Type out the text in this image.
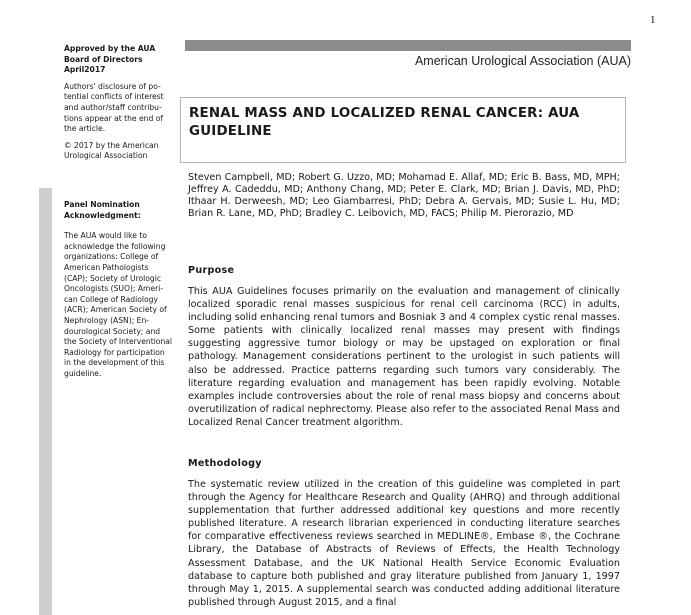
1
Approved by the AUA
Board of Directors
April2017
Authors' disclosure of po-
tential conflicts of interest
and author/staff contribu-
tions appear at the end of
the article.
© 2017 by the American
Urological Association
Panel Nomination
Acknowledgment:
The AUA would like to
acknowledge the following
organizations: College of
American Pathologists
(CAP); Society of Urologic
Oncologists (SUO); Ameri-
can College of Radiology
(ACR); American Society of
Nephrology (ASN); En-
dourological Society; and
the Society of Interventional
Radiology for participation
in the development of this
guideline.
American Urological Association (AUA)
RENAL MASS AND LOCALIZED RENAL CANCER: AUA GUIDELINE
Steven Campbell, MD; Robert G. Uzzo, MD; Mohamad E. Allaf, MD; Eric B. Bass, MD, MPH; Jeffrey A. Cadeddu, MD; Anthony Chang, MD; Peter E. Clark, MD; Brian J. Davis, MD, PhD; Ithaar H. Derweesh, MD; Leo Giambarresi, PhD; Debra A. Gervais, MD; Susie L. Hu, MD; Brian R. Lane, MD, PhD; Bradley C. Leibovich, MD, FACS; Philip M. Pierorazio, MD
Purpose

This AUA Guidelines focuses primarily on the evaluation and management of clinically localized sporadic renal masses suspicious for renal cell carcinoma (RCC) in adults, including solid enhancing renal tumors and Bosniak 3 and 4 complex cystic renal masses. Some patients with clinically localized renal masses may present with findings suggesting aggressive tumor biology or may be upstaged on exploration or final pathology. Management considerations pertinent to the urologist in such patients will also be addressed. Practice patterns regarding such tumors vary considerably. The literature regarding evaluation and management has been rapidly evolving. Notable examples include controversies about the role of renal mass biopsy and concerns about overutilization of radical nephrectomy. Please also refer to the associated Renal Mass and Localized Renal Cancer treatment algorithm.

Methodology

The systematic review utilized in the creation of this guideline was completed in part through the Agency for Healthcare Research and Quality (AHRQ) and through additional supplementation that further addressed additional key questions and more recently published literature. A research librarian experienced in conducting literature searches for comparative effectiveness reviews searched in MEDLINE®, Embase ®, the Cochrane Library, the Database of Abstracts of Reviews of Effects, the Health Technology Assessment Database, and the UK National Health Service Economic Evaluation database to capture both published and gray literature published from January 1, 1997 through May 1, 2015. A supplemental search was conducted adding additional literature published through August 2015, and a final
